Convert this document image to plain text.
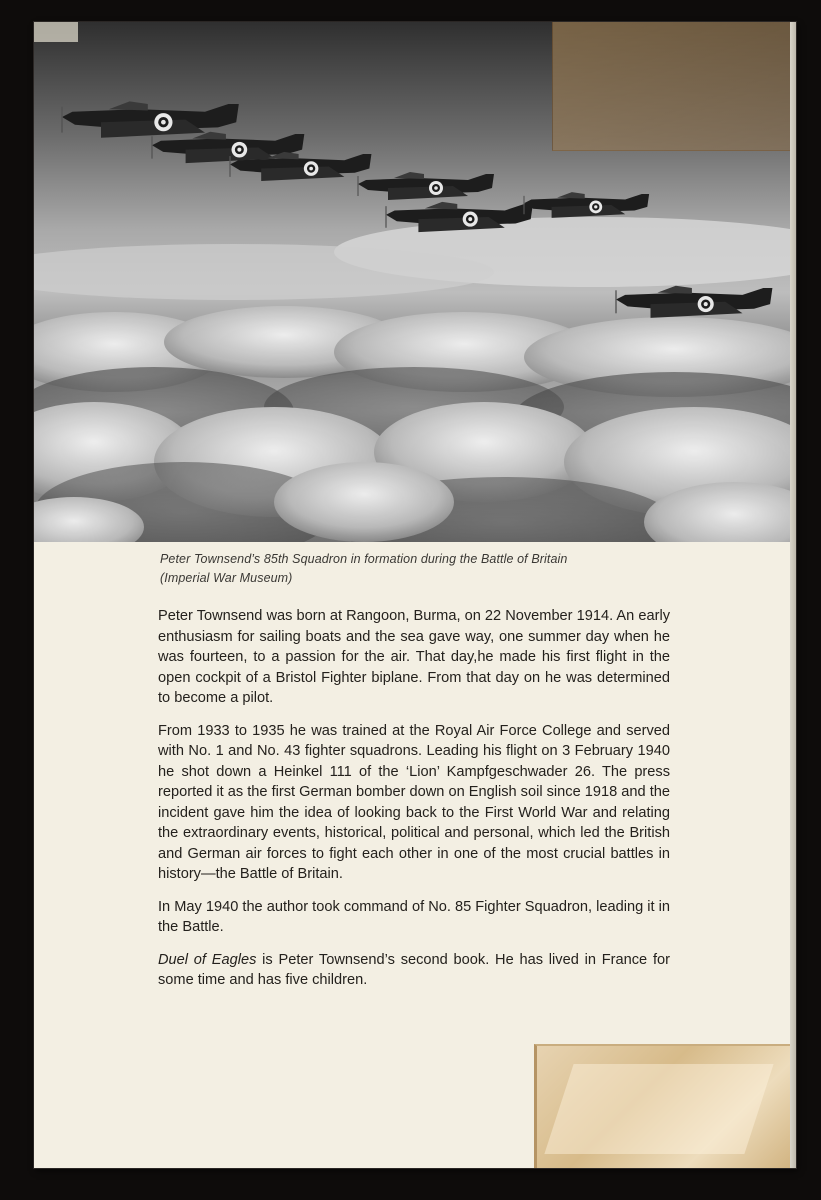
Peter Townsend’s 85th Squadron in formation during the Battle of Britain
(Imperial War Museum)

Peter Townsend was born at Rangoon, Burma, on 22 November 1914. An early enthusiasm for sailing boats and the sea gave way, one summer day when he was fourteen, to a passion for the air. That day,he made his first flight in the open cockpit of a Bristol Fighter biplane. From that day on he was determined to become a pilot.

From 1933 to 1935 he was trained at the Royal Air Force College and served with No. 1 and No. 43 fighter squadrons. Leading his flight on 3 February 1940 he shot down a Heinkel 111 of the ‘Lion’ Kampfgeschwader 26. The press reported it as the first German bomber down on English soil since 1918 and the incident gave him the idea of looking back to the First World War and relating the extraordinary events, historical, political and personal, which led the British and German air forces to fight each other in one of the most crucial battles in history—the Battle of Britain.

In May 1940 the author took command of No. 85 Fighter Squadron, leading it in the Battle.

Duel of Eagles is Peter Townsend’s second book. He has lived in France for some time and has five children.
